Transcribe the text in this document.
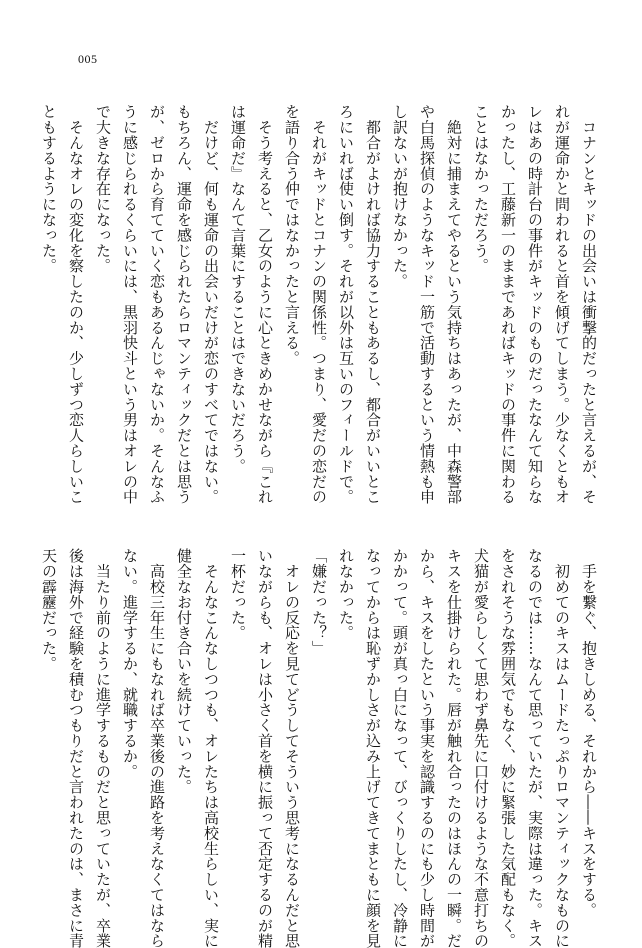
005
　コナンとキッドの出会いは衝撃的だったと言えるが、そ
れが運命かと問われると首を傾げてしまう。少なくともオ
レはあの時計台の事件がキッドのものだったなんて知らな
かったし、工藤新一のままであればキッドの事件に関わる
ことはなかっただろう。
　絶対に捕まえてやるという気持ちはあったが、中森警部
や白馬探偵のようなキッド一筋で活動するという情熱も申
し訳ないが抱けなかった。
　都合がよければ協力することもあるし、都合がいいとこ
ろにいれば使い倒す。それが以外は互いのフィールドで。
　それがキッドとコナンの関係性。つまり、愛だの恋だの
を語り合う仲ではなかったと言える。
　そう考えると、乙女のように心ときめかせながら『これ
は運命だ』なんて言葉にすることはできないだろう。
　だけど、何も運命の出会いだけが恋のすべてではない。
もちろん、運命を感じられたらロマンティックだとは思う
が、ゼロから育てていく恋もあるんじゃないか。そんなふ
うに感じられるくらいには、黒羽快斗という男はオレの中
で大きな存在になった。
　そんなオレの変化を察したのか、少しずつ恋人らしいこ
ともするようになった。
　手を繋ぐ、抱きしめる、それから――キスをする。
　初めてのキスはムードたっぷりロマンティックなものに
なるのでは……なんて思っていたが、実際は違った。キス
をされそうな雰囲気でもなく、妙に緊張した気配もなく。
犬猫が愛らしくて思わず鼻先に口付けるような不意打ちの
キスを仕掛けられた。唇が触れ合ったのはほんの一瞬。だ
から、キスをしたという事実を認識するのにも少し時間が
かかって。頭が真っ白になって、びっくりしたし、冷静に
なってからは恥ずかしさが込み上げてきてまともに顔を見
れなかった。
「嫌だった？」
　オレの反応を見てどうしてそういう思考になるんだと思
いながらも、オレは小さく首を横に振って否定するのが精
一杯だった。
　そんなこんなしつつも、オレたちは高校生らしい、実に
健全なお付き合いを続けていった。
　高校三年生にもなれば卒業後の進路を考えなくてはなら
ない。進学するか、就職するか。
　当たり前のように進学するものだと思っていたが、卒業
後は海外で経験を積むつもりだと言われたのは、まさに青
天の霹靂だった。
